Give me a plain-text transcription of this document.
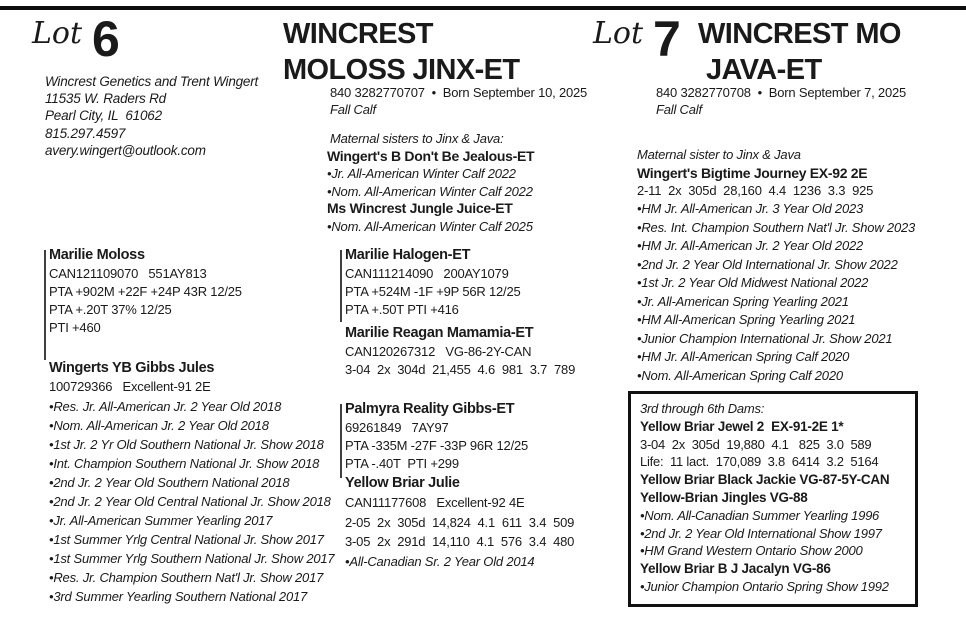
Lot 6
Wincrest Genetics and Trent Wingert
11535 W. Raders Rd
Pearl City, IL  61062
815.297.4597
avery.wingert@outlook.com
WINCREST
MOLOSS JINX-ET
840 3282770707  •  Born September 10, 2025
Fall Calf
Maternal sisters to Jinx & Java:
Wingert's B Don't Be Jealous-ET
•Jr. All-American Winter Calf 2022
•Nom. All-American Winter Calf 2022
Ms Wincrest Jungle Juice-ET
•Nom. All-American Winter Calf 2025
Marilie Moloss
CAN121109070   551AY813
PTA +902M +22F +24P 43R 12/25
PTA +.20T 37% 12/25
PTI +460
Wingerts YB Gibbs Jules
100729366   Excellent-91 2E
•Res. Jr. All-American Jr. 2 Year Old 2018
•Nom. All-American Jr. 2 Year Old 2018
•1st Jr. 2 Yr Old Southern National Jr. Show 2018
•Int. Champion Southern National Jr. Show 2018
•2nd Jr. 2 Year Old Southern National 2018
•2nd Jr. 2 Year Old Central National Jr. Show 2018
•Jr. All-American Summer Yearling 2017
•1st Summer Yrlg Central National Jr. Show 2017
•1st Summer Yrlg Southern National Jr. Show 2017
•Res. Jr. Champion Southern Nat'l Jr. Show 2017
•3rd Summer Yearling Southern National 2017
Marilie Halogen-ET
CAN111214090   200AY1079
PTA +524M -1F +9P 56R 12/25
PTA +.50T PTI +416
Marilie Reagan Mamamia-ET
CAN120267312   VG-86-2Y-CAN
3-04  2x  304d  21,455  4.6  981  3.7  789
Palmyra Reality Gibbs-ET
69261849   7AY97
PTA -335M -27F -33P 96R 12/25
PTA -.40T  PTI +299
Yellow Briar Julie
CAN11177608   Excellent-92 4E
2-05  2x  305d  14,824  4.1  611  3.4  509
3-05  2x  291d  14,110  4.1  576  3.4  480
•All-Canadian Sr. 2 Year Old 2014
Lot 7 WINCREST MO
JAVA-ET
840 3282770708  •  Born September 7, 2025
Fall Calf
Maternal sister to Jinx & Java
Wingert's Bigtime Journey EX-92 2E
2-11  2x  305d  28,160  4.4  1236  3.3  925
•HM Jr. All-American Jr. 3 Year Old 2023
•Res. Int. Champion Southern Nat'l Jr. Show 2023
•HM Jr. All-American Jr. 2 Year Old 2022
•2nd Jr. 2 Year Old International Jr. Show 2022
•1st Jr. 2 Year Old Midwest National 2022
•Jr. All-American Spring Yearling 2021
•HM All-American Spring Yearling 2021
•Junior Champion International Jr. Show 2021
•HM Jr. All-American Spring Calf 2020
•Nom. All-American Spring Calf 2020
3rd through 6th Dams:
Yellow Briar Jewel 2  EX-91-2E 1*
3-04  2x  305d  19,880  4.1   825  3.0  589
Life:  11 lact.  170,089  3.8  6414  3.2  5164
Yellow Briar Black Jackie VG-87-5Y-CAN
Yellow-Brian Jingles VG-88
•Nom. All-Canadian Summer Yearling 1996
•2nd Jr. 2 Year Old International Show 1997
•HM Grand Western Ontario Show 2000
Yellow Briar B J Jacalyn VG-86
•Junior Champion Ontario Spring Show 1992
